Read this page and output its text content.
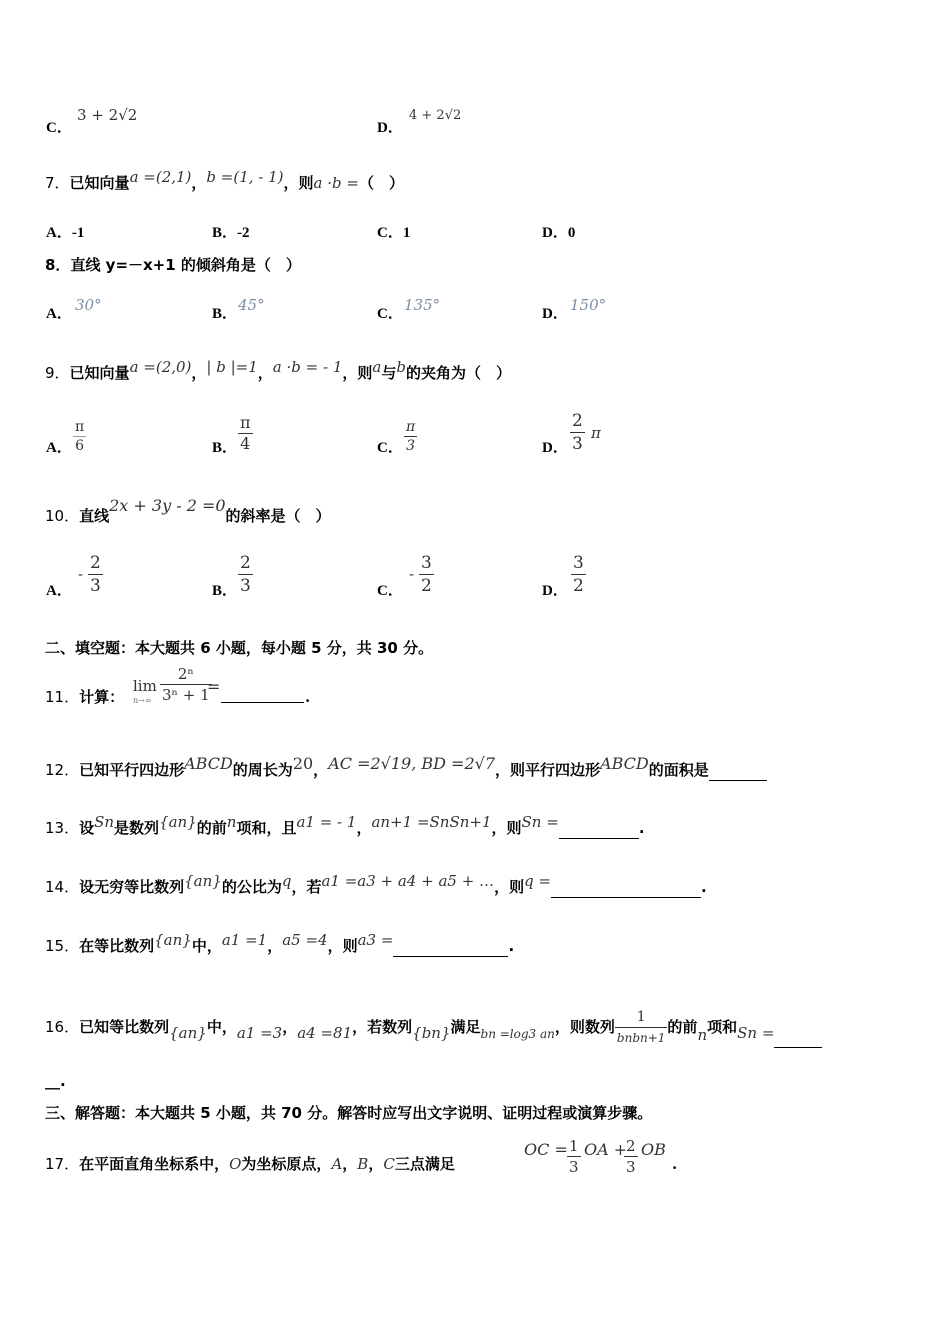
C．
3 + 2√2
D．
4 + 2√2
7．已知向量a =(2,1)，b =(1, - 1)，则a ·b =（　）
A．-1	B．-2	C．1	D．0
8．直线 y=－x+1 的倾斜角是（　）
A． 30°	B． 45°	C． 135°	D． 150°
9．已知向量a =(2,0)，| b |=1，a ·b = - 1，则a与b的夹角为（　）
A． $\frac{\pi}{6}$	B． $\frac{\pi}{4}$	C． $\frac{\pi}{3}$	D． $\frac{2}{3}$ π
10．直线2x + 3y - 2 =0的斜率是（　）
A．
- $\frac{2}{3}$	B． $\frac{2}{3}$	C．
- $\frac{3}{2}$	D． $\frac{3}{2}$
二、填空题：本大题共 6 小题，每小题 5 分，共 30 分。
11．计算：
lim
$n\to\infty \frac{\text{2ⁿ}}{\text{3ⁿ + 1}}$
=
.
12．已知平行四边形ABCD的周长为20，AC =2√19, BD =2√7，则平行四边形ABCD的面积是
13．设Sn是数列{an}的前n项和，且a1 = - 1，an+1 =SnSn+1，则Sn =	.
14．设无穷等比数列{an}的公比为q，若a1 =a3 + a4 + a5 + …，则q =	.
15．在等比数列{an}中，a1 =1，a5 =4，则a3 =	.
16．已知等比数列{an}中，a1 =3，a4 =81，若数列{bn}满足$_{bn =log3 an}$，则数列 $\frac{1}{\text{bnbn+1}}$ 的前n项和Sn =
__.
三、解答题：本大题共 5 小题，共 70 分。解答时应写出文字说明、证明过程或演算步骤。
17．在平面直角坐标系中，O为坐标原点，A，B，C三点满足
OC = $\frac{1}{3}$ OA +
$\frac{2}{3}$ OB
.
